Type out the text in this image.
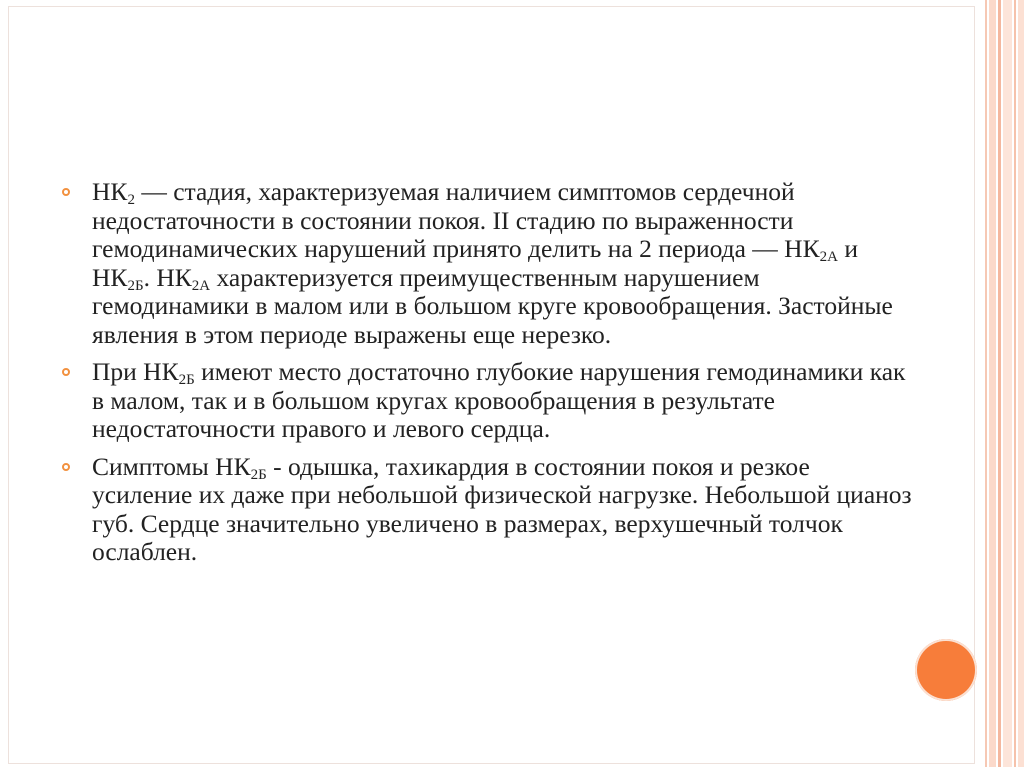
$НК_2$ — стадия, характеризуемая наличием симптомов сердечной недостаточности в состоянии покоя. II стадию по выраженности гемодинамических нарушений принято делить на 2 периода — $НК_{2А}$ и $НК_{2Б}$. $НК_{2А}$ характеризуется преимущественным нарушением гемодинамики в малом или в большом круге кровообращения. Застойные явления в этом периоде выражены еще нерезко.
При $НК_{2Б}$ имеют место достаточно глубокие нарушения гемодинамики как в малом, так и в большом кругах кровообращения в результате недостаточности правого и левого сердца.
Симптомы $НК_{2Б}$ - одышка, тахикардия в состоянии покоя и резкое усиление их даже при небольшой физической нагрузке. Небольшой цианоз губ. Сердце значительно увеличено в размерах, верхушечный толчок ослаблен.
